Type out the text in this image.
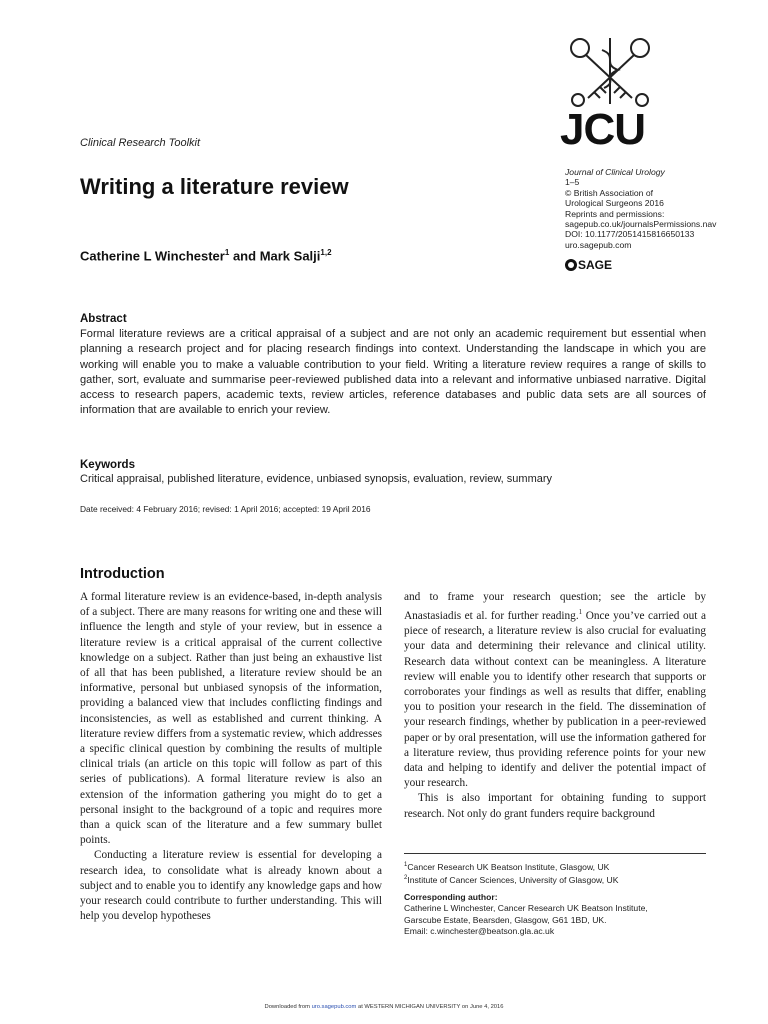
Clinical Research Toolkit
Writing a literature review
Catherine L Winchester$^1$ and Mark Salji$^{1,2}$
JCU
Journal of Clinical Urology
1–5
© British Association of
Urological Surgeons 2016
Reprints and permissions:
sagepub.co.uk/journalsPermissions.nav
DOI: 10.1177/2051415816650133
uro.sagepub.com
SAGE
Abstract

Formal literature reviews are a critical appraisal of a subject and are not only an academic requirement but essential when planning a research project and for placing research findings into context. Understanding the landscape in which you are working will enable you to make a valuable contribution to your field. Writing a literature review requires a range of skills to gather, sort, evaluate and summarise peer-reviewed published data into a relevant and informative unbiased narrative. Digital access to research papers, academic texts, review articles, reference databases and public data sets are all sources of information that are available to enrich your review.

Keywords
Critical appraisal, published literature, evidence, unbiased synopsis, evaluation, review, summary
Date received: 4 February 2016; revised: 1 April 2016; accepted: 19 April 2016
Introduction

A formal literature review is an evidence-based, in-depth analysis of a subject. There are many reasons for writing one and these will influence the length and style of your review, but in essence a literature review is a critical appraisal of the current collective knowledge on a subject. Rather than just being an exhaustive list of all that has been published, a literature review should be an informative, personal but unbiased synopsis of the information, providing a balanced view that includes conflicting findings and inconsistencies, as well as established and current thinking. A literature review differs from a systematic review, which addresses a specific clinical question by combining the results of multiple clinical trials (an article on this topic will follow as part of this series of publications). A formal literature review is also an extension of the information gathering you might do to get a personal insight to the background of a topic and requires more than a quick scan of the literature and a few summary bullet points.

Conducting a literature review is essential for developing a research idea, to consolidate what is already known about a subject and to enable you to identify any knowledge gaps and how your research could contribute to further understanding. This will help you develop hypotheses

and to frame your research question; see the article by Anastasiadis et al. for further reading.$^1$ Once you’ve carried out a piece of research, a literature review is also crucial for evaluating your data and determining their relevance and clinical utility. Research data without context can be meaningless. A literature review will enable you to identify other research that supports or corroborates your findings as well as results that differ, enabling you to position your research in the field. The dissemination of your research findings, whether by publication in a peer-reviewed paper or by oral presentation, will use the information gathered for a literature review, thus providing reference points for your new data and helping to identify and deliver the potential impact of your research.

This is also important for obtaining funding to support research. Not only do grant funders require background

$^1$Cancer Research UK Beatson Institute, Glasgow, UK
$^2$Institute of Cancer Sciences, University of Glasgow, UK
Corresponding author:
Catherine L Winchester, Cancer Research UK Beatson Institute,
Garscube Estate, Bearsden, Glasgow, G61 1BD, UK.
Email: c.winchester@beatson.gla.ac.uk
Downloaded from uro.sagepub.com at WESTERN MICHIGAN UNIVERSITY on June 4, 2016
